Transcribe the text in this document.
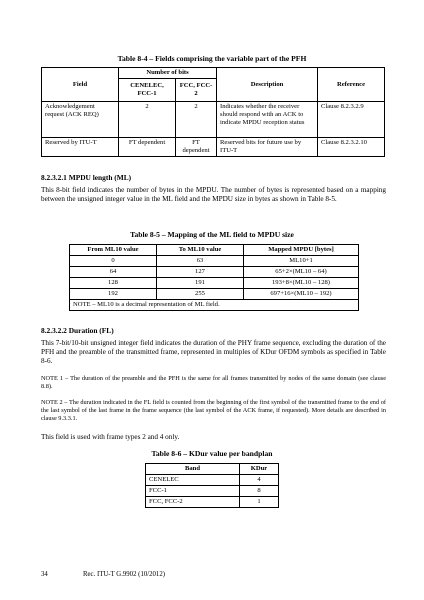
Table 8-4 – Fields comprising the variable part of the PFH
Field	Number of bits		Description	Reference
	CENELEC, FCC-1	FCC, FCC-2		
Acknowledgement request (ACK REQ)	2	2	Indicates whether the receiver should respond with an ACK to indicate MPDU reception status	Clause 8.2.3.2.9
Reserved by ITU-T	FT dependent	FT dependent	Reserved bits for future use by ITU-T	Clause 8.2.3.2.10
8.2.3.2.1 MPDU length (ML)
This 8-bit field indicates the number of bytes in the MPDU. The number of bytes is represented based on a mapping between the unsigned integer value in the ML field and the MPDU size in bytes as shown in Table 8-5.
Table 8-5 – Mapping of the ML field to MPDU size
From ML10 value	To ML10 value	Mapped MPDU [bytes]
0	63	ML10+1
64	127	65+2×(ML10 – 64)
128	191	193+8×(ML10 – 128)
192	255	697+16×(ML10 – 192)
NOTE – ML10 is a decimal representation of ML field.		
8.2.3.2.2 Duration (FL)
This 7-bit/10-bit unsigned integer field indicates the duration of the PHY frame sequence, excluding the duration of the PFH and the preamble of the transmitted frame, represented in multiples of KDur OFDM symbols as specified in Table 8-6.
NOTE 1 – The duration of the preamble and the PFH is the same for all frames transmitted by nodes of the same domain (see clause 8.8).
NOTE 2 – The duration indicated in the FL field is counted from the beginning of the first symbol of the transmitted frame to the end of the last symbol of the last frame in the frame sequence (the last symbol of the ACK frame, if requested). More details are described in clause 9.3.3.1.
This field is used with frame types 2 and 4 only.
Table 8-6 – KDur value per bandplan
Band	KDur
CENELEC	4
FCC-1	8
FCC, FCC-2	1
34	Rec. ITU-T G.9902 (10/2012)
